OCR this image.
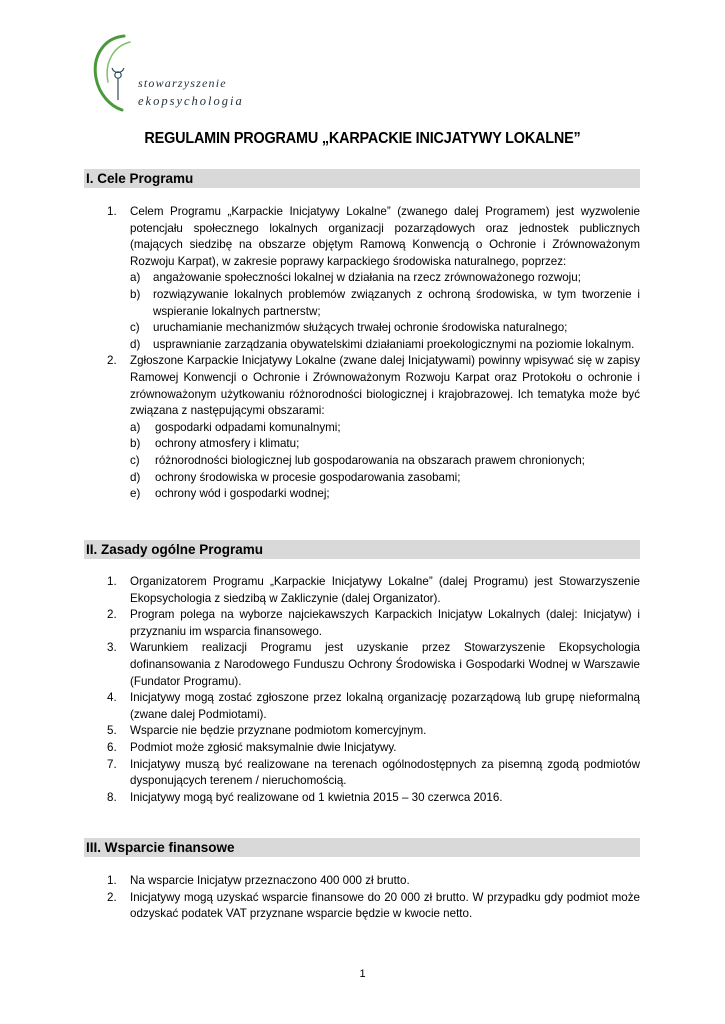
stowarzyszenie
ekopsychologia
REGULAMIN PROGRAMU „KARPACKIE INICJATYWY LOKALNE”
I. Cele Programu
1. Celem Programu „Karpackie Inicjatywy Lokalne” (zwanego dalej Programem) jest wyzwolenie potencjału społecznego lokalnych organizacji pozarządowych oraz jednostek publicznych (mających siedzibę na obszarze objętym Ramową Konwencją o Ochronie i Zrównoważonym Rozwoju Karpat), w zakresie poprawy karpackiego środowiska naturalnego, poprzez:
a) angażowanie społeczności lokalnej w działania na rzecz zrównoważonego rozwoju;
b) rozwiązywanie lokalnych problemów związanych z ochroną środowiska, w tym tworzenie i wspieranie lokalnych partnerstw;
c) uruchamianie mechanizmów służących trwałej ochronie środowiska naturalnego;
d) usprawnianie zarządzania obywatelskimi działaniami proekologicznymi na poziomie lokalnym.
2. Zgłoszone Karpackie Inicjatywy Lokalne (zwane dalej Inicjatywami) powinny wpisywać się w zapisy Ramowej Konwencji o Ochronie i Zrównoważonym Rozwoju Karpat oraz Protokołu o ochronie i zrównoważonym użytkowaniu różnorodności biologicznej i krajobrazowej. Ich tematyka może być związana z następującymi obszarami:
a) gospodarki odpadami komunalnymi;
b) ochrony atmosfery i klimatu;
c) różnorodności biologicznej lub gospodarowania na obszarach prawem chronionych;
d) ochrony środowiska w procesie gospodarowania zasobami;
e) ochrony wód i gospodarki wodnej;
II. Zasady ogólne Programu
1. Organizatorem Programu „Karpackie Inicjatywy Lokalne” (dalej Programu) jest Stowarzyszenie Ekopsychologia z siedzibą w Zakliczynie (dalej Organizator).
2. Program polega na wyborze najciekawszych Karpackich Inicjatyw Lokalnych (dalej: Inicjatyw) i przyznaniu im wsparcia finansowego.
3. Warunkiem realizacji Programu jest uzyskanie przez Stowarzyszenie Ekopsychologia dofinansowania z Narodowego Funduszu Ochrony Środowiska i Gospodarki Wodnej w Warszawie (Fundator Programu).
4. Inicjatywy mogą zostać zgłoszone przez lokalną organizację pozarządową lub grupę nieformalną (zwane dalej Podmiotami).
5. Wsparcie nie będzie przyznane podmiotom komercyjnym.
6. Podmiot może zgłosić maksymalnie dwie Inicjatywy.
7. Inicjatywy muszą być realizowane na terenach ogólnodostępnych za pisemną zgodą podmiotów dysponujących terenem / nieruchomością.
8. Inicjatywy mogą być realizowane od 1 kwietnia 2015 – 30 czerwca 2016.
III. Wsparcie finansowe
1. Na wsparcie Inicjatyw przeznaczono 400 000 zł brutto.
2. Inicjatywy mogą uzyskać wsparcie finansowe do 20 000 zł brutto. W przypadku gdy podmiot może odzyskać podatek VAT przyznane wsparcie będzie w kwocie netto.
1
